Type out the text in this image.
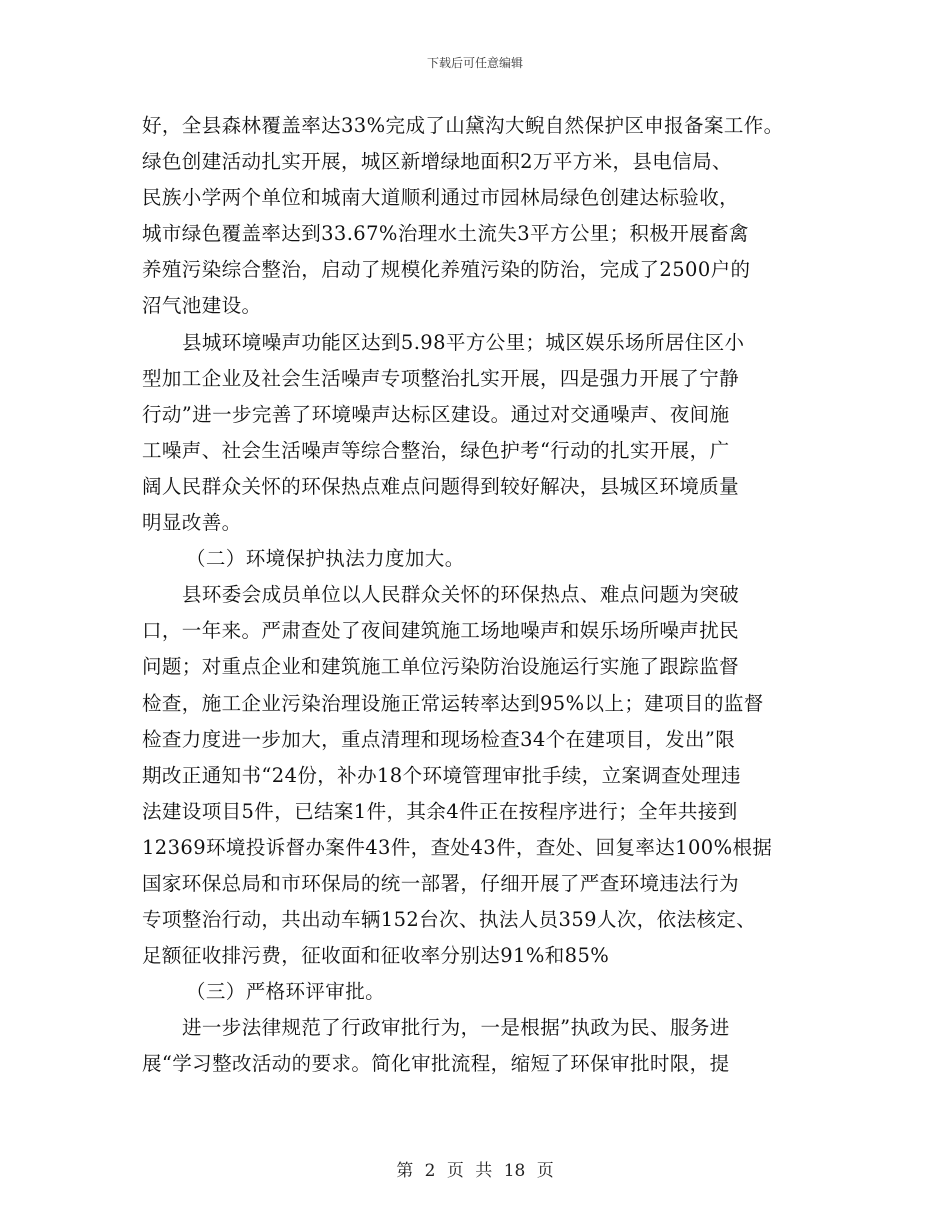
下载后可任意编辑
好，全县森林覆盖率达33%完成了山黛沟大鲵自然保护区申报备案工作。
绿色创建活动扎实开展，城区新增绿地面积2万平方米，县电信局、
民族小学两个单位和城南大道顺利通过市园林局绿色创建达标验收，
城市绿色覆盖率达到33.67%治理水土流失3平方公里；积极开展畜禽
养殖污染综合整治，启动了规模化养殖污染的防治，完成了2500户的
沼气池建设。
县城环境噪声功能区达到5.98平方公里；城区娱乐场所居住区小
型加工企业及社会生活噪声专项整治扎实开展，四是强力开展了宁静
行动”进一步完善了环境噪声达标区建设。通过对交通噪声、夜间施
工噪声、社会生活噪声等综合整治，绿色护考“行动的扎实开展，广
阔人民群众关怀的环保热点难点问题得到较好解决，县城区环境质量
明显改善。
（二）环境保护执法力度加大。
县环委会成员单位以人民群众关怀的环保热点、难点问题为突破
口，一年来。严肃查处了夜间建筑施工场地噪声和娱乐场所噪声扰民
问题；对重点企业和建筑施工单位污染防治设施运行实施了跟踪监督
检查，施工企业污染治理设施正常运转率达到95%以上；建项目的监督
检查力度进一步加大，重点清理和现场检查34个在建项目，发出”限
期改正通知书“24份，补办18个环境管理审批手续，立案调查处理违
法建设项目5件，已结案1件，其余4件正在按程序进行；全年共接到
12369环境投诉督办案件43件，查处43件，查处、回复率达100%根据
国家环保总局和市环保局的统一部署，仔细开展了严查环境违法行为
专项整治行动，共出动车辆152台次、执法人员359人次，依法核定、
足额征收排污费，征收面和征收率分别达91%和85%
（三）严格环评审批。
进一步法律规范了行政审批行为，一是根据”执政为民、服务进
展“学习整改活动的要求。简化审批流程，缩短了环保审批时限，提
第 2 页 共 18 页
